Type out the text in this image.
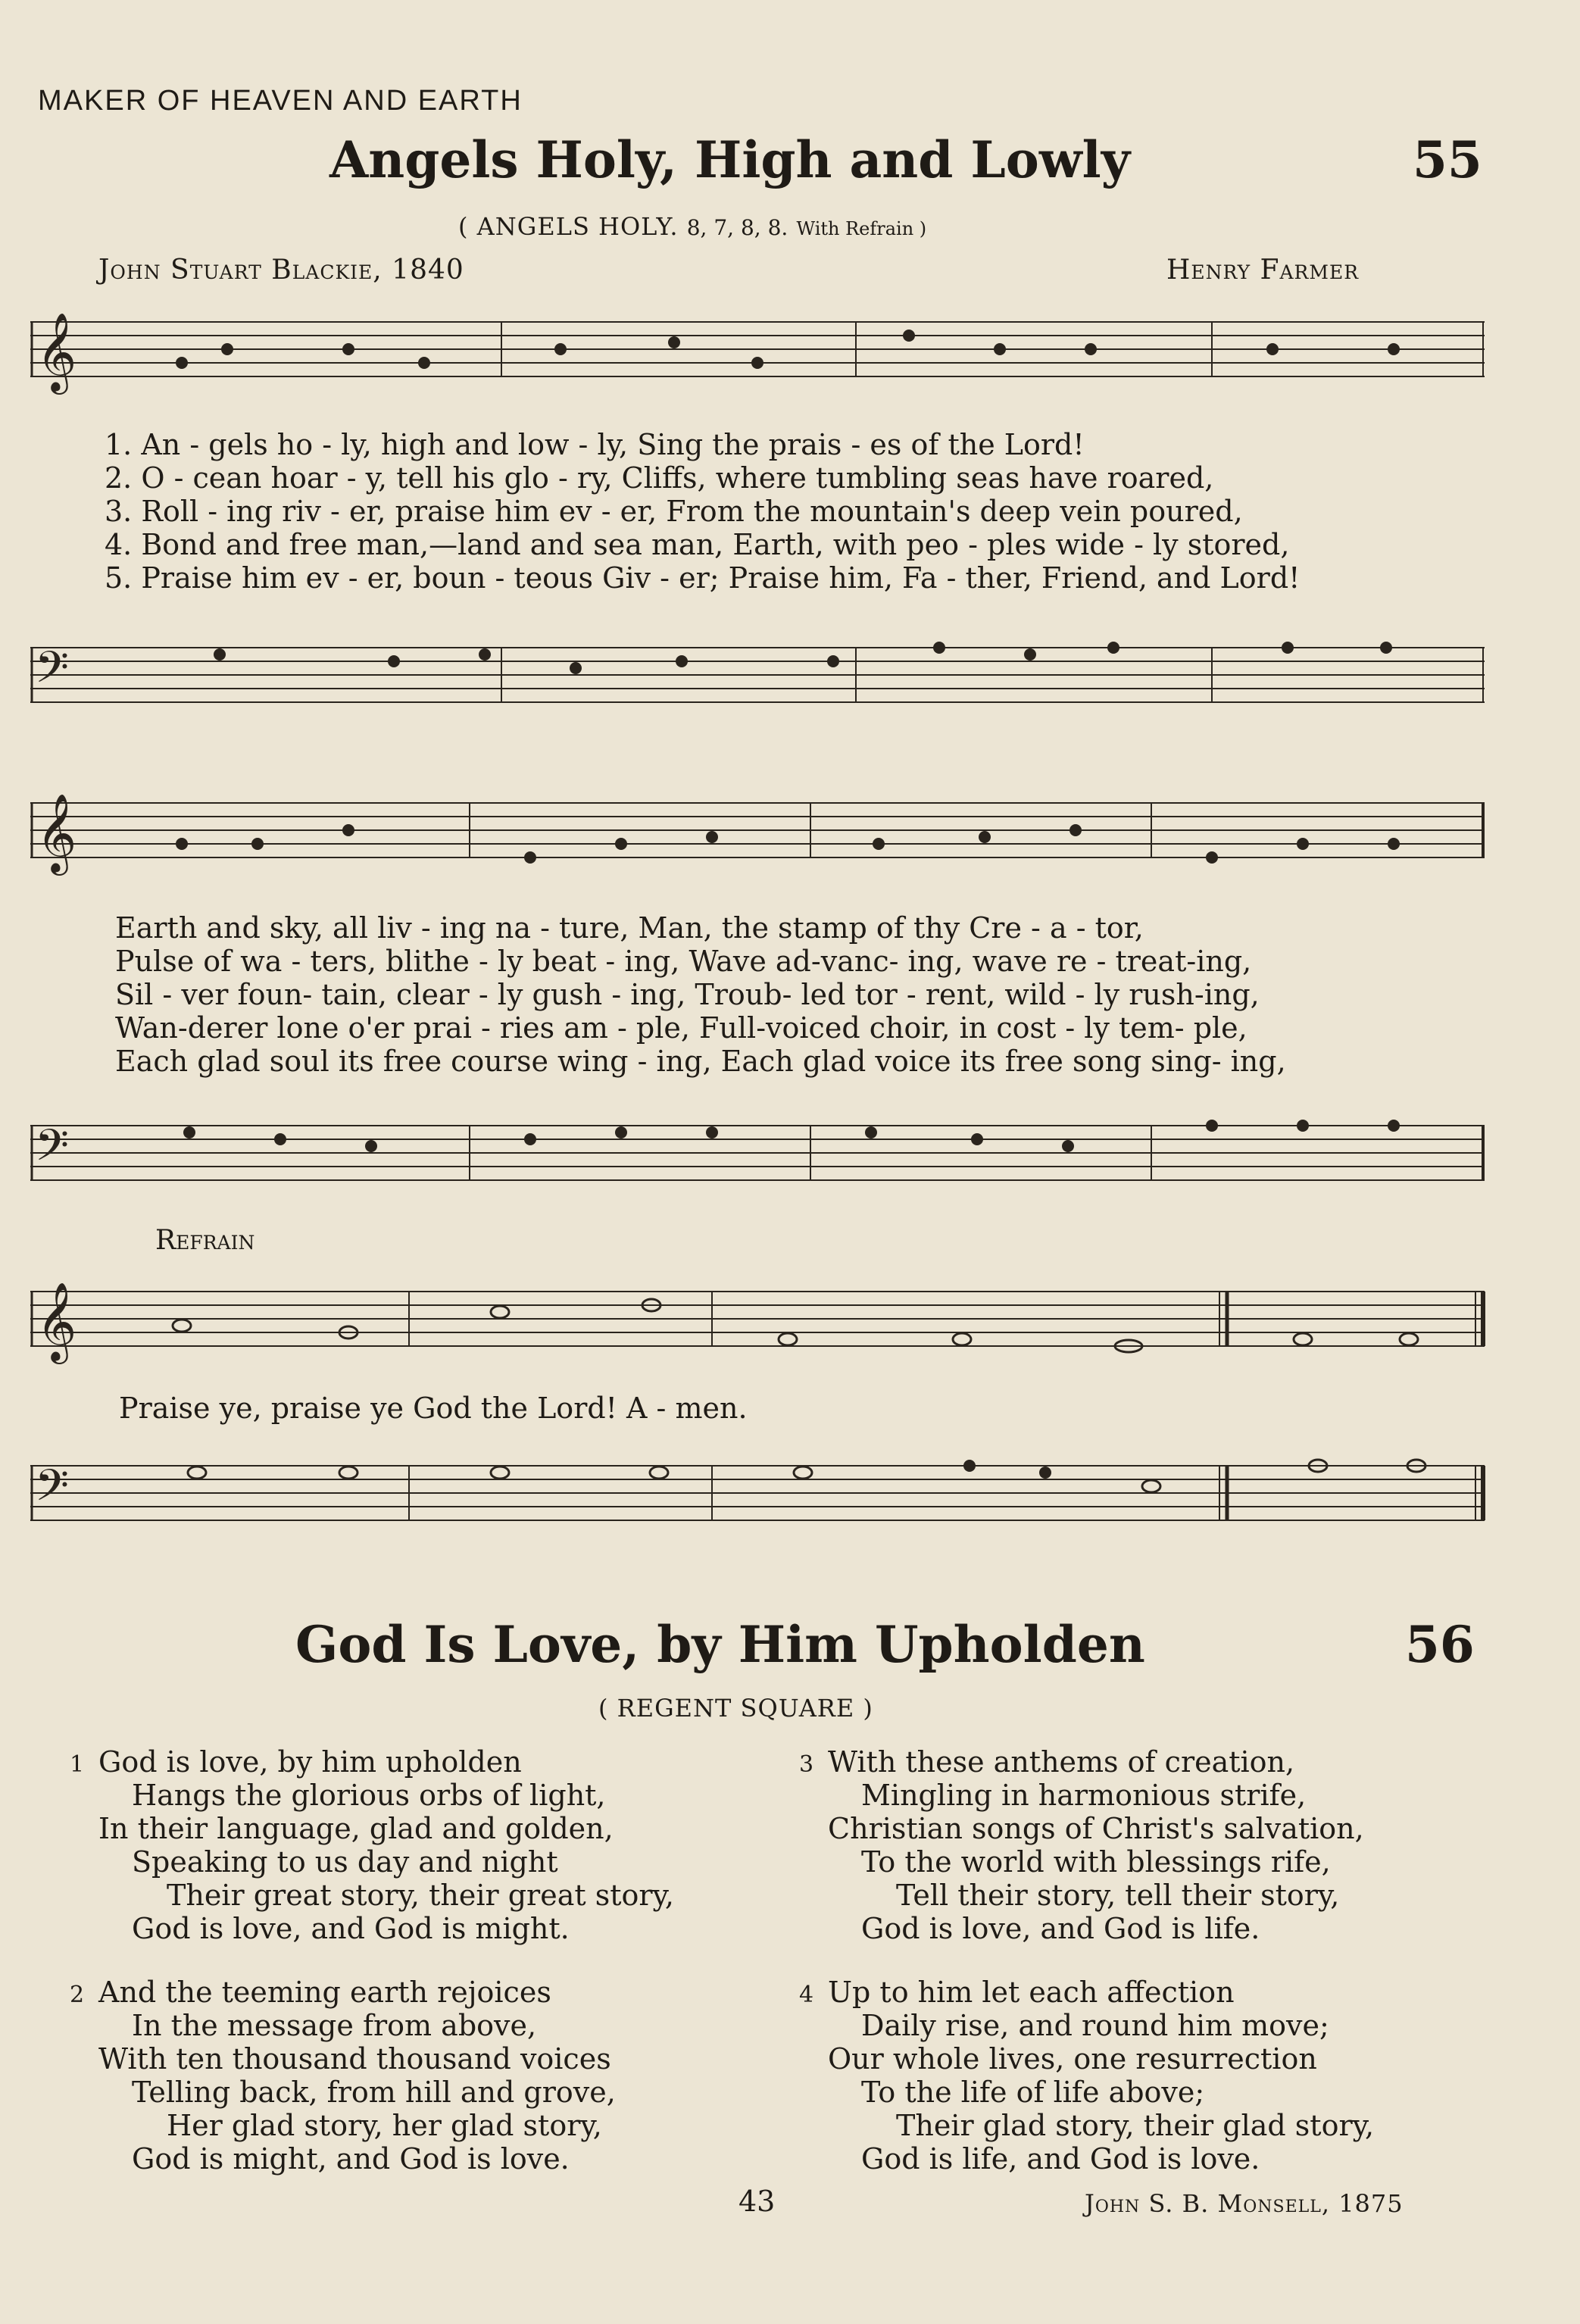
MAKER OF HEAVEN AND EARTH
Angels Holy, High and Lowly	55
( ANGELS HOLY. 8, 7, 8, 8. With Refrain )
John Stuart Blackie, 1840	Henry Farmer
𝄞
1. An - gels ho - ly, high and low - ly, Sing the prais - es of the Lord!
2. O - cean hoar - y, tell his glo - ry, Cliffs, where tumbling seas have roared,
3. Roll - ing riv - er, praise him ev - er, From the mountain's deep vein poured,
4. Bond and free man,—land and sea man, Earth, with peo - ples wide - ly stored,
5. Praise him ev - er, boun - teous Giv - er; Praise him, Fa - ther, Friend, and Lord!
𝄢
𝄞
Earth and sky, all liv - ing na - ture, Man, the stamp of thy Cre - a - tor,
Pulse of wa - ters, blithe - ly beat - ing, Wave ad-vanc- ing, wave re - treat-ing,
Sil - ver foun- tain, clear - ly gush - ing, Troub- led tor - rent, wild - ly rush-ing,
Wan-derer lone o'er prai - ries am - ple, Full-voiced choir, in cost - ly tem- ple,
Each glad soul its free course wing - ing, Each glad voice its free song sing- ing,
𝄢
Refrain
𝄞
Praise ye, praise ye God the Lord! A - men.
𝄢
God Is Love, by Him Upholden	56
( REGENT SQUARE )
1 God is love, by him upholden
Hangs the glorious orbs of light,
In their language, glad and golden,
Speaking to us day and night
Their great story, their great story,
God is love, and God is might.
2 And the teeming earth rejoices
In the message from above,
With ten thousand thousand voices
Telling back, from hill and grove,
Her glad story, her glad story,
God is might, and God is love.
3 With these anthems of creation,
Mingling in harmonious strife,
Christian songs of Christ's salvation,
To the world with blessings rife,
Tell their story, tell their story,
God is love, and God is life.
4 Up to him let each affection
Daily rise, and round him move;
Our whole lives, one resurrection
To the life of life above;
Their glad story, their glad story,
God is life, and God is love.
43	John S. B. Monsell, 1875
